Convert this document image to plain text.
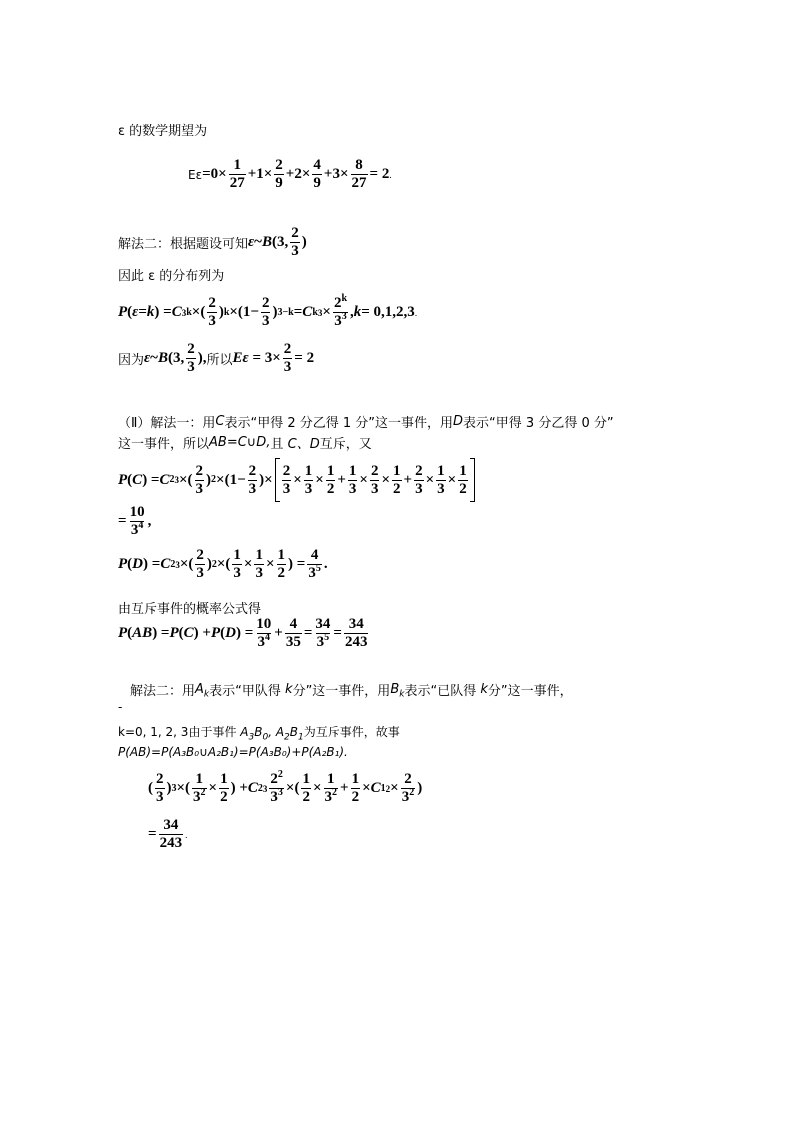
ε 的数学期望为
Eε =0×
1
27
+1×
2
9
+2×
4
9
+3×
8
27
= 2 .
解法二：根据题设可知 ε ~ B (3,
2
3
)
因此 ε 的分布列为
P ( ε = k ) = C 3 k ×(
2
3
) k ×(1−
2
3
) 3−k = C k 3 ×
$2^k$
$3^3$ , k = 0,1,2,3 .
因为 ε ~ B (3,
2
3
), 所以 $E\varepsilon = 3\times \frac{2}{3} = 2$
（Ⅱ）解法一：用 C 表示“甲得 2 分乙得 1 分”这一事件，用 D 表示“甲得 3 分乙得 0 分”
这一事件，所以 AB=C∪D, 且
C、D 互斥，又
P ( C ) = C 2 3 ×(
2
3
) 2 ×(1−
2
3
)×
2
3
×
1
3
×
1
2
+
1
3
×
2
3
×
1
2
+
2
3
×
1
3
×
1
2
=
10
$3^4$ ,
P ( D ) = C 2 3 ×(
2
3
) 2 ×(
1
3
×
1
3
×
1
2
) =
4
$3^5$ .
由互斥事件的概率公式得
P ( AB ) = P ( C ) + P ( D ) =
10
$3^4$ +
4
35
=
34
$3^5$ =
34
243
解法二：用 $A_k$ 表示“甲队得
k 分”这一事件，用 $B_k$ 表示“已队得
k 分”这一事件，
-
k=0, 1, 2, 3 由于事件
$A_3B_0$, $A_2B_1$ 为互斥事件，故事
P(AB)=P(A₃B₀∪A₂B₁)=P(A₃B₀)+P(A₂B₁).
(
2
3
) 3 ×(
1
$3^2$ ×
1
2
) + C 2 3
$2^2$
$3^3$ ×(
1
2
×
1
$3^2$ +
1
2
× C 1 2 ×
2
$3^2$ )
=
34
243
.
